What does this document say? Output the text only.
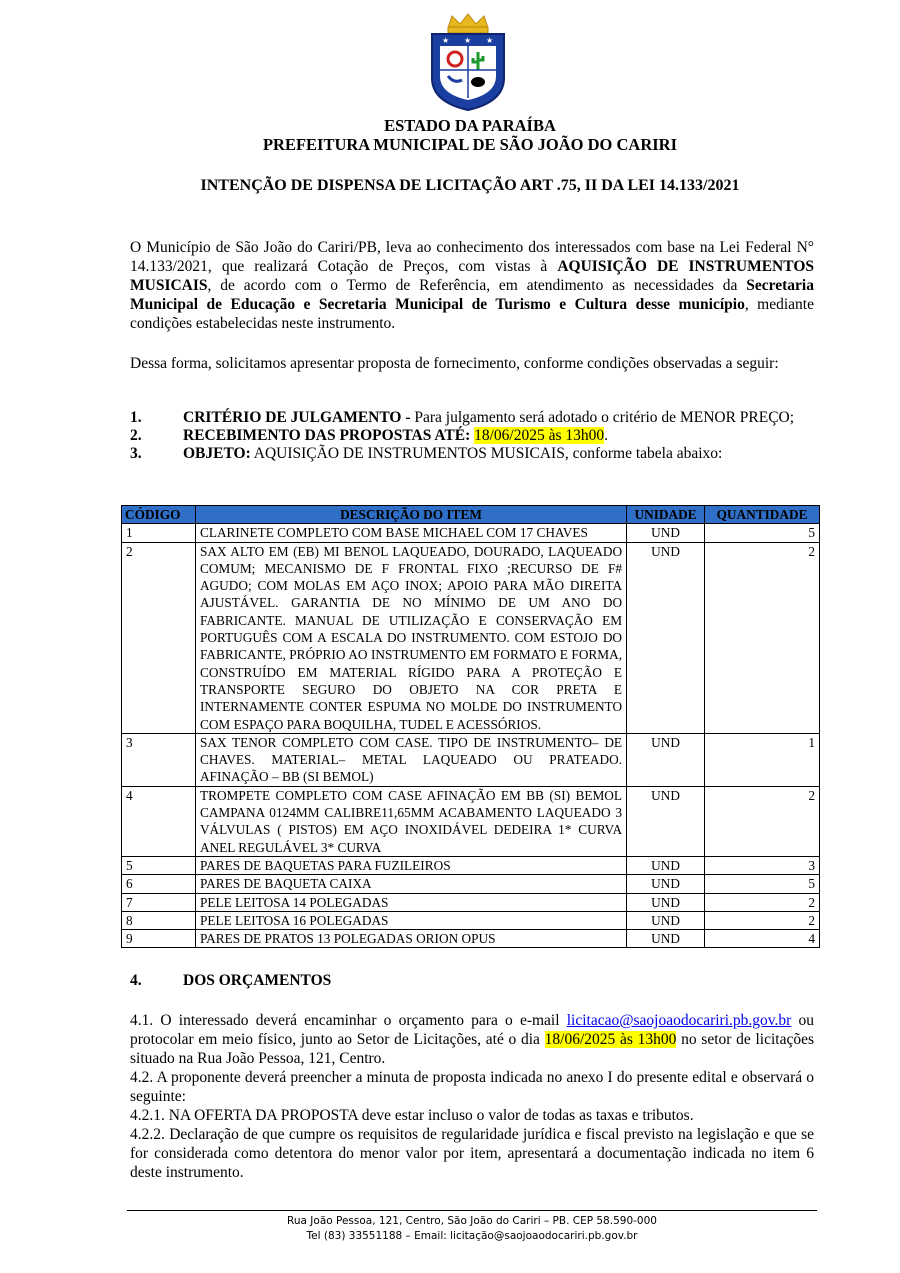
★ ★ ★
ESTADO DA PARAÍBA
PREFEITURA MUNICIPAL DE SÃO JOÃO DO CARIRI
INTENÇÃO DE DISPENSA DE LICITAÇÃO ART .75, II DA LEI 14.133/2021
O Município de São João do Cariri/PB, leva ao conhecimento dos interessados com base na Lei Federal N° 14.133/2021, que realizará Cotação de Preços, com vistas à AQUISIÇÃO DE INSTRUMENTOS MUSICAIS, de acordo com o Termo de Referência, em atendimento as necessidades da Secretaria Municipal de Educação e Secretaria Municipal de Turismo e Cultura desse município, mediante condições estabelecidas neste instrumento.
Dessa forma, solicitamos apresentar proposta de fornecimento, conforme condições observadas a seguir:
1.	CRITÉRIO DE JULGAMENTO - Para julgamento será adotado o critério de MENOR PREÇO;
2.	RECEBIMENTO DAS PROPOSTAS ATÉ: 18/06/2025 às 13h00.
3.	OBJETO: AQUISIÇÃO DE INSTRUMENTOS MUSICAIS, conforme tabela abaixo:
CÓDIGO	DESCRIÇÃO DO ITEM	UNIDADE	QUANTIDADE
1	CLARINETE COMPLETO COM BASE MICHAEL COM 17 CHAVES	UND	5
2	SAX ALTO EM (EB) MI BENOL LAQUEADO, DOURADO, LAQUEADO COMUM; MECANISMO DE F FRONTAL FIXO ;RECURSO DE F# AGUDO; COM MOLAS EM AÇO INOX; APOIO PARA MÃO DIREITA AJUSTÁVEL. GARANTIA DE NO MÍNIMO DE UM ANO DO FABRICANTE. MANUAL DE UTILIZAÇÃO E CONSERVAÇÃO EM PORTUGUÊS COM A ESCALA DO INSTRUMENTO. COM ESTOJO DO FABRICANTE, PRÓPRIO AO INSTRUMENTO EM FORMATO E FORMA, CONSTRUÍDO EM MATERIAL RÍGIDO PARA A PROTEÇÃO E TRANSPORTE SEGURO DO OBJETO NA COR PRETA E INTERNAMENTE CONTER ESPUMA NO MOLDE DO INSTRUMENTO COM ESPAÇO PARA BOQUILHA, TUDEL E ACESSÓRIOS.	UND	2
3	SAX TENOR COMPLETO COM CASE. TIPO DE INSTRUMENTO– DE CHAVES. MATERIAL– METAL LAQUEADO OU PRATEADO. AFINAÇÃO – BB (SI BEMOL)	UND	1
4	TROMPETE COMPLETO COM CASE AFINAÇÃO EM BB (SI) BEMOL CAMPANA 0124MM CALIBRE11,65MM ACABAMENTO LAQUEADO 3 VÁLVULAS ( PISTOS) EM AÇO INOXIDÁVEL DEDEIRA 1* CURVA ANEL REGULÁVEL 3* CURVA	UND	2
5	PARES DE BAQUETAS PARA FUZILEIROS	UND	3
6	PARES DE BAQUETA CAIXA	UND	5
7	PELE LEITOSA 14 POLEGADAS	UND	2
8	PELE LEITOSA 16 POLEGADAS	UND	2
9	PARES DE PRATOS 13 POLEGADAS ORION OPUS	UND	4
4.	DOS ORÇAMENTOS
4.1. O interessado deverá encaminhar o orçamento para o e-mail licitacao@saojoaodocariri.pb.gov.br ou protocolar em meio físico, junto ao Setor de Licitações, até o dia 18/06/2025 às 13h00 no setor de licitações situado na Rua João Pessoa, 121, Centro.
4.2. A proponente deverá preencher a minuta de proposta indicada no anexo I do presente edital e observará o seguinte:
4.2.1. NA OFERTA DA PROPOSTA deve estar incluso o valor de todas as taxas e tributos.
4.2.2. Declaração de que cumpre os requisitos de regularidade jurídica e fiscal previsto na legislação e que se for considerada como detentora do menor valor por item, apresentará a documentação indicada no item 6 deste instrumento.
Rua João Pessoa, 121, Centro, São João do Cariri – PB. CEP 58.590-000
Tel (83) 33551188 – Email: licitação@saojoaodocariri.pb.gov.br
